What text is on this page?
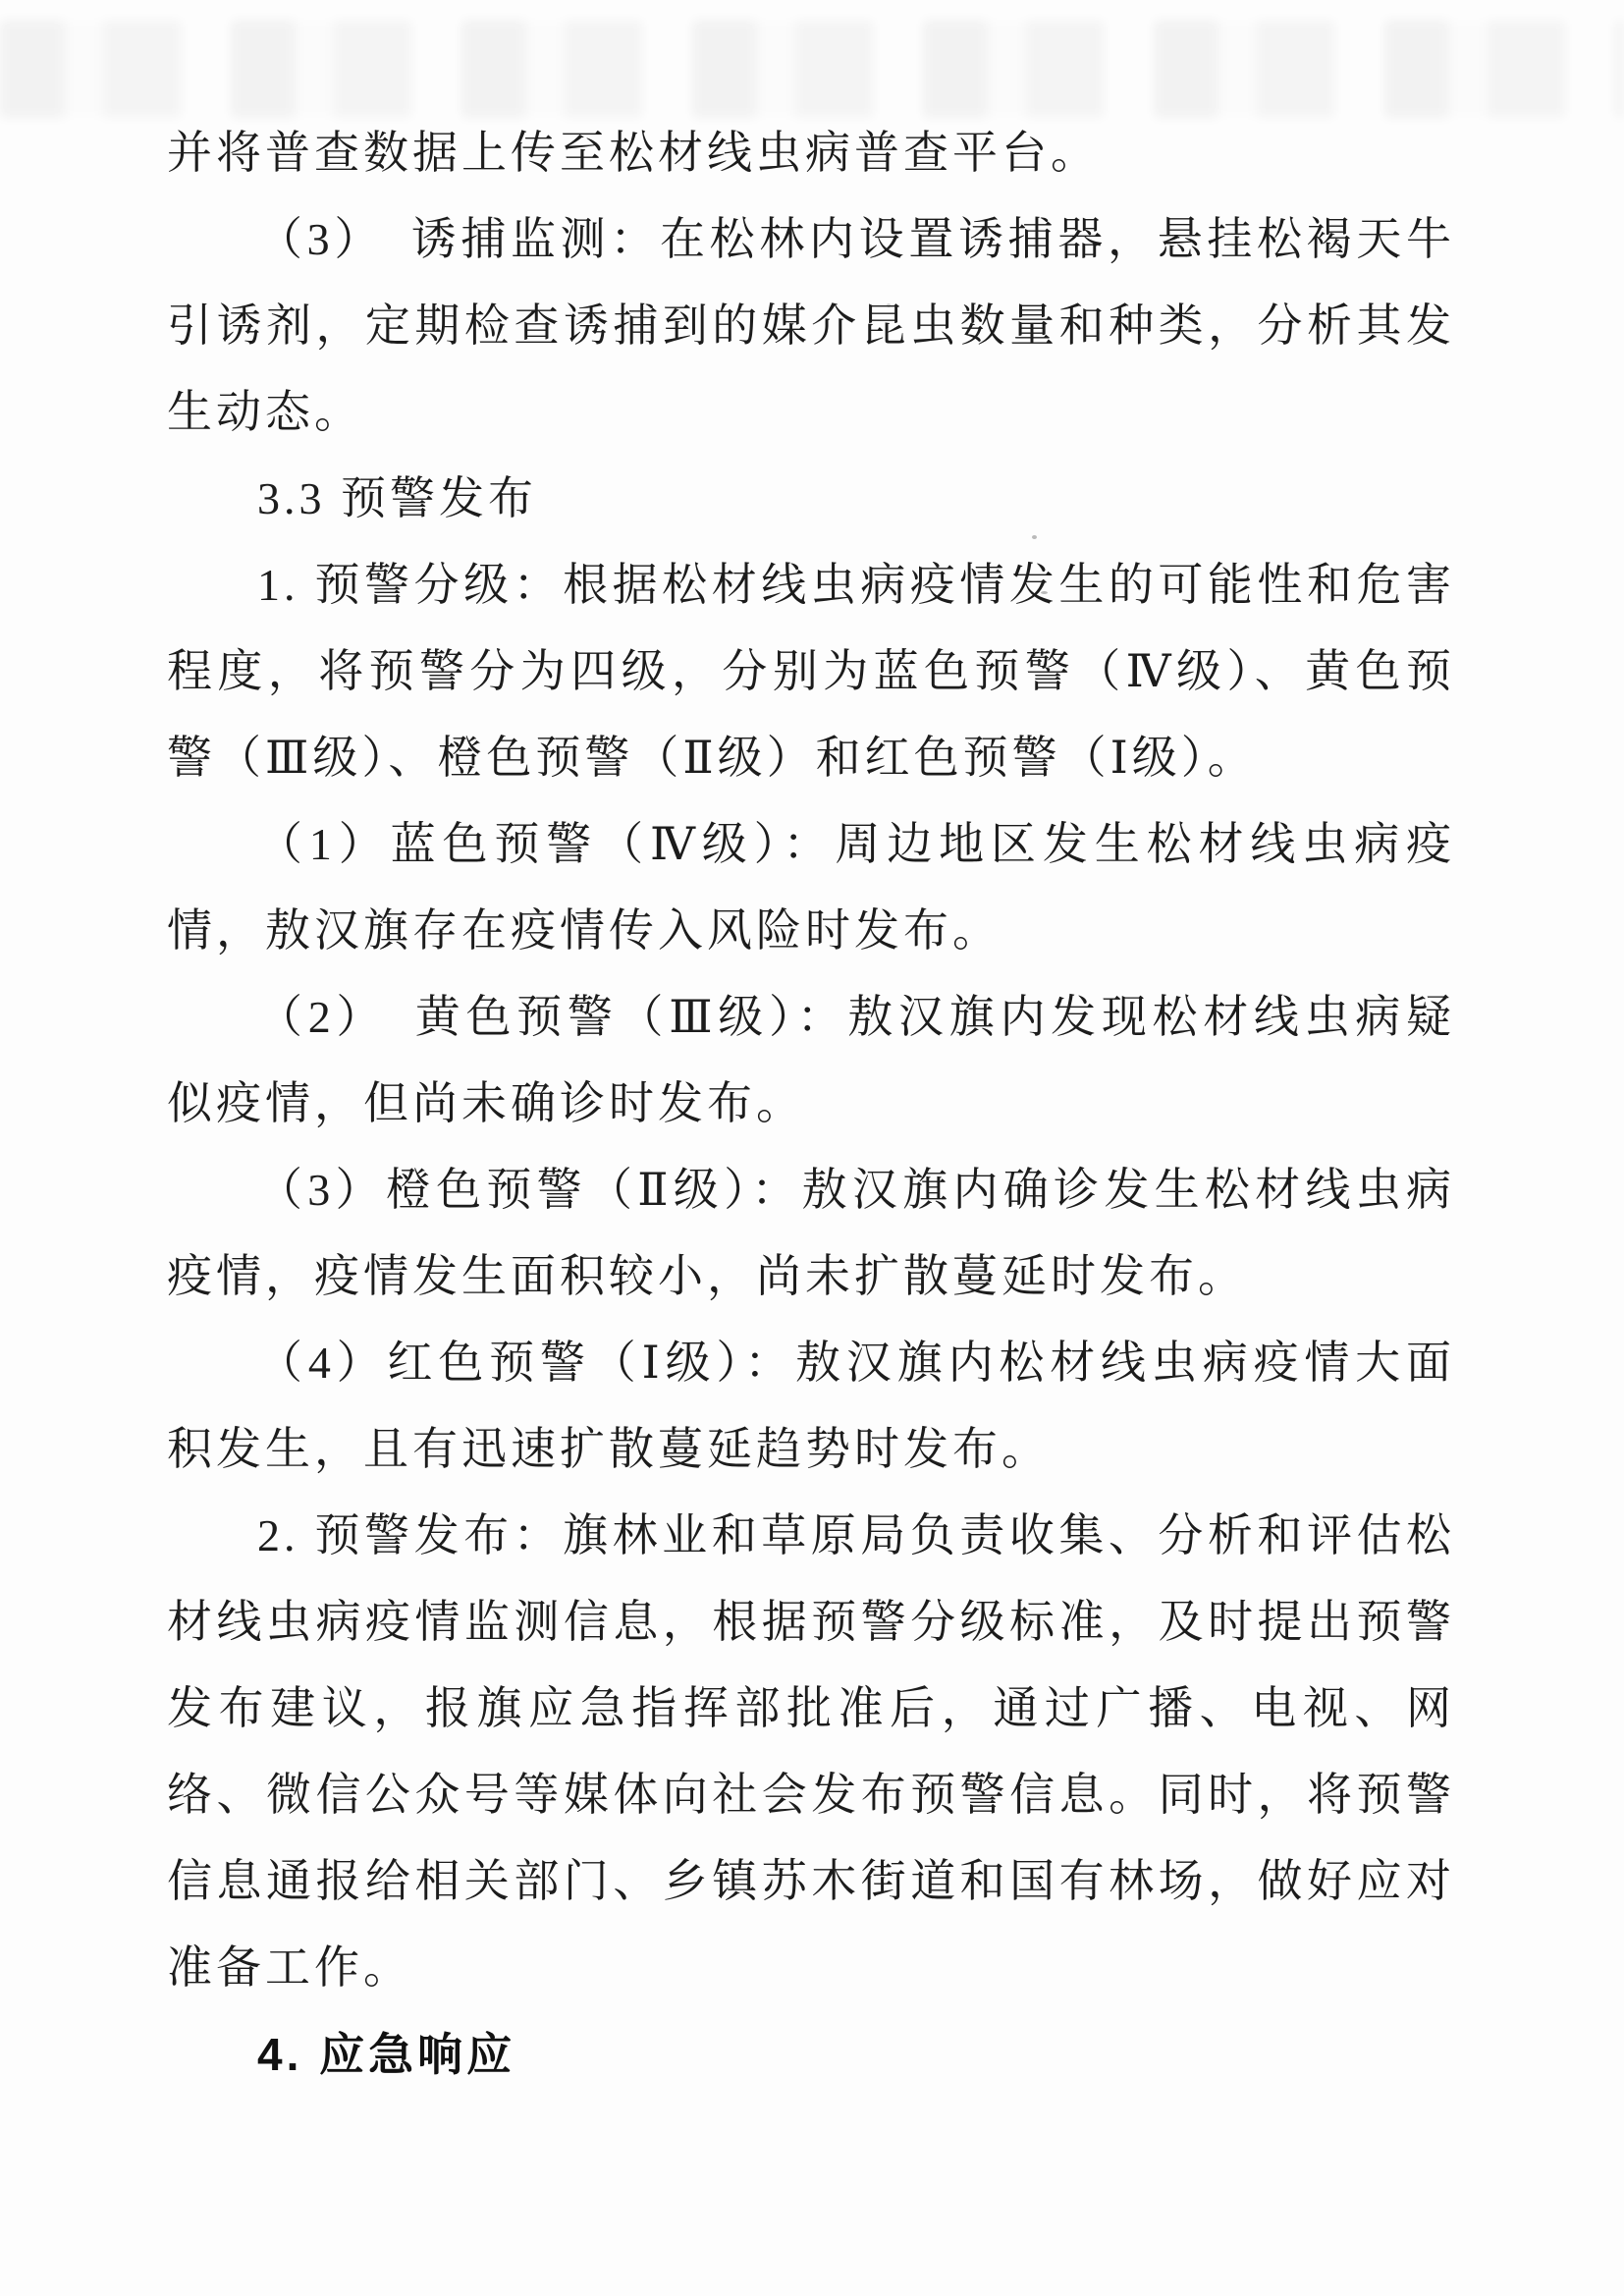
并将普查数据上传至松材线虫病普查平台。

（3）　诱捕监测：在松林内设置诱捕器，悬挂松褐天牛引诱剂，定期检查诱捕到的媒介昆虫数量和种类，分析其发生动态。

3.3 预警发布

1. 预警分级：根据松材线虫病疫情发生的可能性和危害程度，将预警分为四级，分别为蓝色预警（Ⅳ级）、黄色预警（Ⅲ级）、橙色预警（Ⅱ级）和红色预警（Ⅰ级）。

（1）蓝色预警（Ⅳ级）：周边地区发生松材线虫病疫情，敖汉旗存在疫情传入风险时发布。

（2）　黄色预警（Ⅲ级）：敖汉旗内发现松材线虫病疑似疫情，但尚未确诊时发布。

（3）橙色预警（Ⅱ级）：敖汉旗内确诊发生松材线虫病疫情，疫情发生面积较小，尚未扩散蔓延时发布。

（4）红色预警（Ⅰ级）：敖汉旗内松材线虫病疫情大面积发生，且有迅速扩散蔓延趋势时发布。

2. 预警发布：旗林业和草原局负责收集、分析和评估松材线虫病疫情监测信息，根据预警分级标准，及时提出预警发布建议，报旗应急指挥部批准后，通过广播、电视、网络、微信公众号等媒体向社会发布预警信息。同时，将预警信息通报给相关部门、乡镇苏木街道和国有林场，做好应对准备工作。

4. 应急响应
